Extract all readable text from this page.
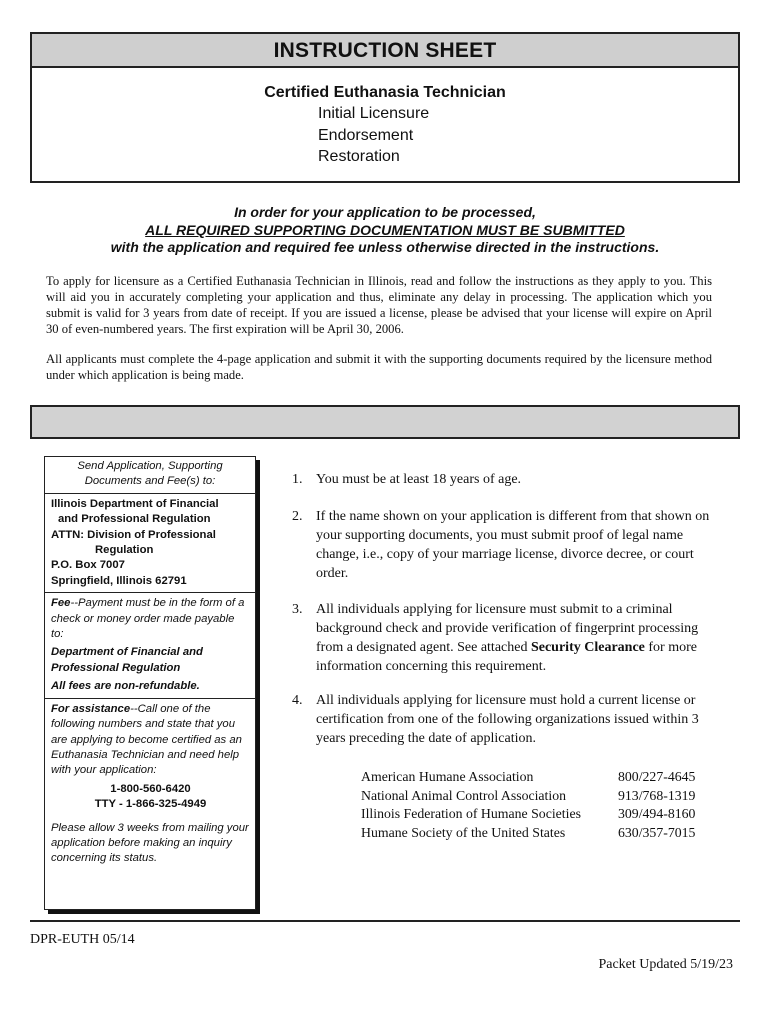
INSTRUCTION SHEET
Certified Euthanasia Technician
Initial Licensure
Endorsement
Restoration
In order for your application to be processed,
ALL REQUIRED SUPPORTING DOCUMENTATION MUST BE SUBMITTED
with the application and required fee unless otherwise directed in the instructions.

To apply for licensure as a Certified Euthanasia Technician in Illinois, read and follow the instructions as they apply to you. This will aid you in accurately completing your application and thus, eliminate any delay in processing. The application which you submit is valid for 3 years from date of receipt. If you are issued a license, please be advised that your license will expire on April 30 of even-numbered years. The first expiration will be April 30, 2006.

All applicants must complete the 4-page application and submit it with the supporting documents required by the licensure method under which application is being made.

Send Application, Supporting Documents and Fee(s) to:
Illinois Department of Financial
and Professional Regulation
ATTN: Division of Professional
Regulation
P.O. Box 7007
Springfield, Illinois 62791
Fee--Payment must be in the form of a check or money order made payable to:
Department of Financial and Professional Regulation
All fees are non-refundable.
For assistance--Call one of the following numbers and state that you are applying to become certified as an Euthanasia Technician and need help with your application:
1-800-560-6420
TTY - 1-866-325-4949
Please allow 3 weeks from mailing your application before making an inquiry concerning its status.
1. You must be at least 18 years of age.
2. If the name shown on your application is different from that shown on your supporting documents, you must submit proof of legal name change, i.e., copy of your marriage license, divorce decree, or court order.
3. All individuals applying for licensure must submit to a criminal background check and provide verification of fingerprint processing from a designated agent. See attached Security Clearance for more information concerning this requirement.
4. All individuals applying for licensure must hold a current license or certification from one of the following organizations issued within 3 years preceding the date of application.
American Humane Association	800/227-4645
National Animal Control Association	913/768-1319
Illinois Federation of Humane Societies	309/494-8160
Humane Society of the United States	630/357-7015
DPR-EUTH 05/14
Packet Updated 5/19/23
